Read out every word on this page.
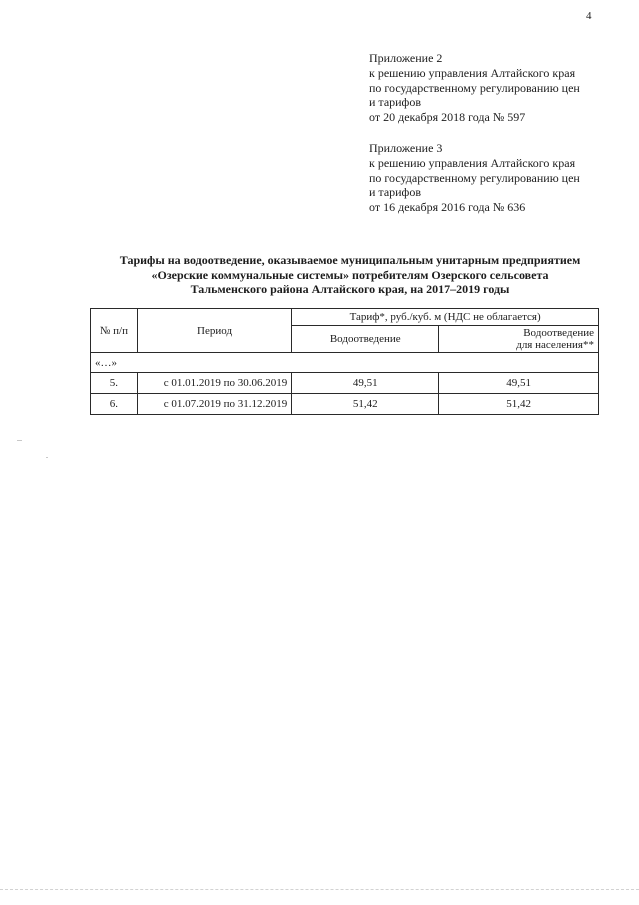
4
Приложение 2
к решению управления Алтайского края
по государственному регулированию цен
и тарифов
от 20 декабря 2018 года № 597
Приложение 3
к решению управления Алтайского края
по государственному регулированию цен
и тарифов
от 16 декабря 2016 года № 636
Тарифы на водоотведение, оказываемое муниципальным унитарным предприятием
«Озерские коммунальные системы» потребителям Озерского сельсовета
Тальменского района Алтайского края, на 2017–2019 годы
№ п/п	Период	Тариф*, руб./куб. м (НДС не облагается)	
		Водоотведение	Водоотведение
для населения**

«…»			
5.	с 01.01.2019 по 30.06.2019	49,51	49,51
6.	с 01.07.2019 по 31.12.2019	51,42	51,42
